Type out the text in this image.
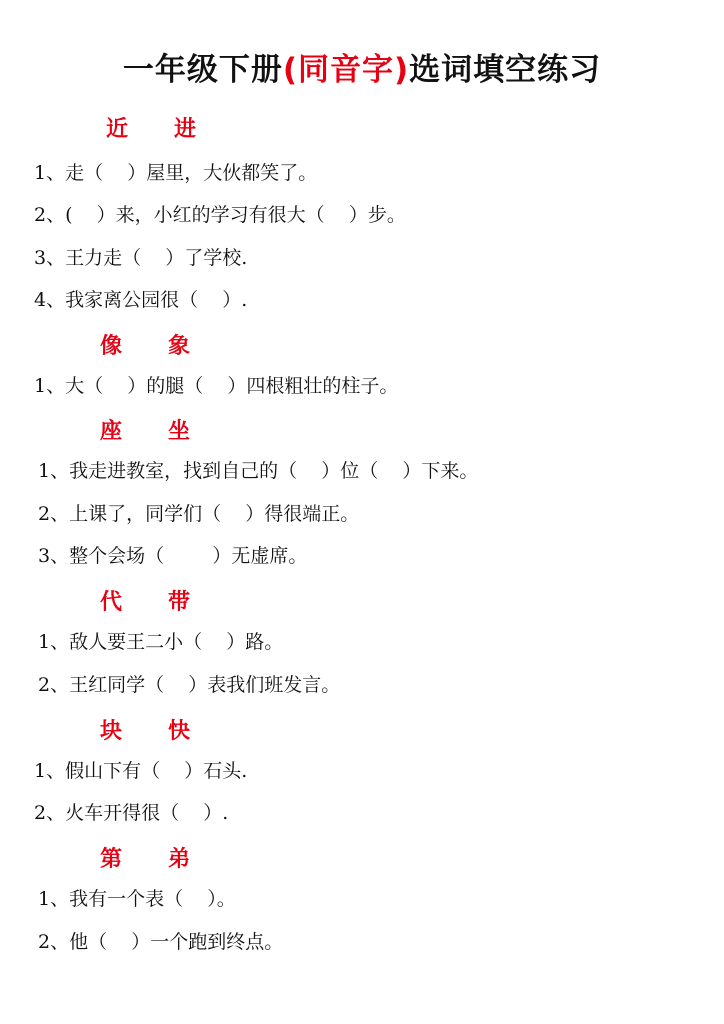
一年级下册(同音字)选词填空练习
近 进
1、走（    ）屋里，大伙都笑了。
2、(    ）来，小红的学习有很大（    ）步。
3、王力走（    ）了学校.
4、我家离公园很（    ）.
像 象
1、大（    ）的腿（    ）四根粗壮的柱子。
座 坐
1、我走进教室，找到自己的（    ）位（    ）下来。
2、上课了，同学们（    ）得很端正。
3、整个会场（        ）无虚席。
代 带
1、敌人要王二小（    ）路。
2、王红同学（    ）表我们班发言。
块 快
1、假山下有（    ）石头.
2、火车开得很（    ）.
第 弟
1、我有一个表（    ）。
2、他（    ）一个跑到终点。
